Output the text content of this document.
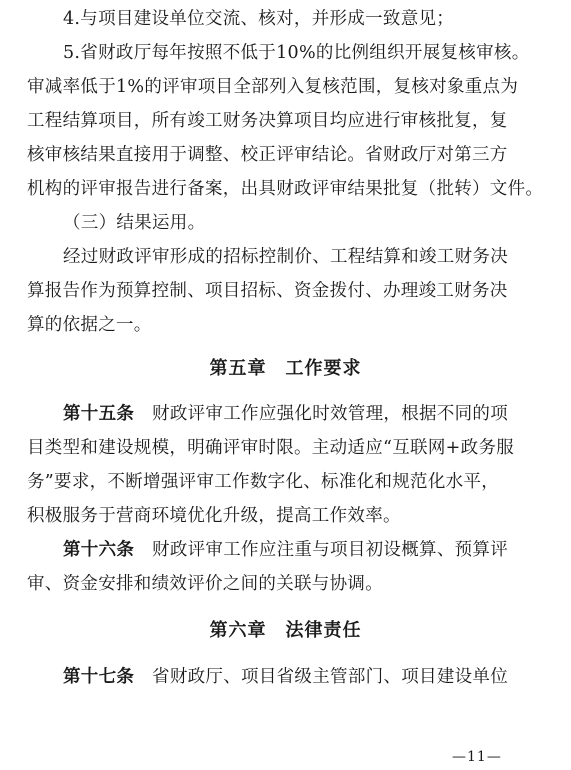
4.与项目建设单位交流、核对，并形成一致意见；
5.省财政厅每年按照不低于10%的比例组织开展复核审核。
审减率低于1%的评审项目全部列入复核范围，复核对象重点为
工程结算项目，所有竣工财务决算项目均应进行审核批复，复
核审核结果直接用于调整、校正评审结论。省财政厅对第三方
机构的评审报告进行备案，出具财政评审结果批复（批转）文件。
（三）结果运用。
经过财政评审形成的招标控制价、工程结算和竣工财务决
算报告作为预算控制、项目招标、资金拨付、办理竣工财务决
算的依据之一。
第五章　工作要求
第十五条　 财政评审工作应强化时效管理，根据不同的项
目类型和建设规模，明确评审时限。主动适应“互联网+政务服
务”要求，不断增强评审工作数字化、标准化和规范化水平，
积极服务于营商环境优化升级，提高工作效率。
第十六条　 财政评审工作应注重与项目初设概算、预算评
审、资金安排和绩效评价之间的关联与协调。
第六章　法律责任
第十七条　 省财政厅、项目省级主管部门、项目建设单位
—11—
